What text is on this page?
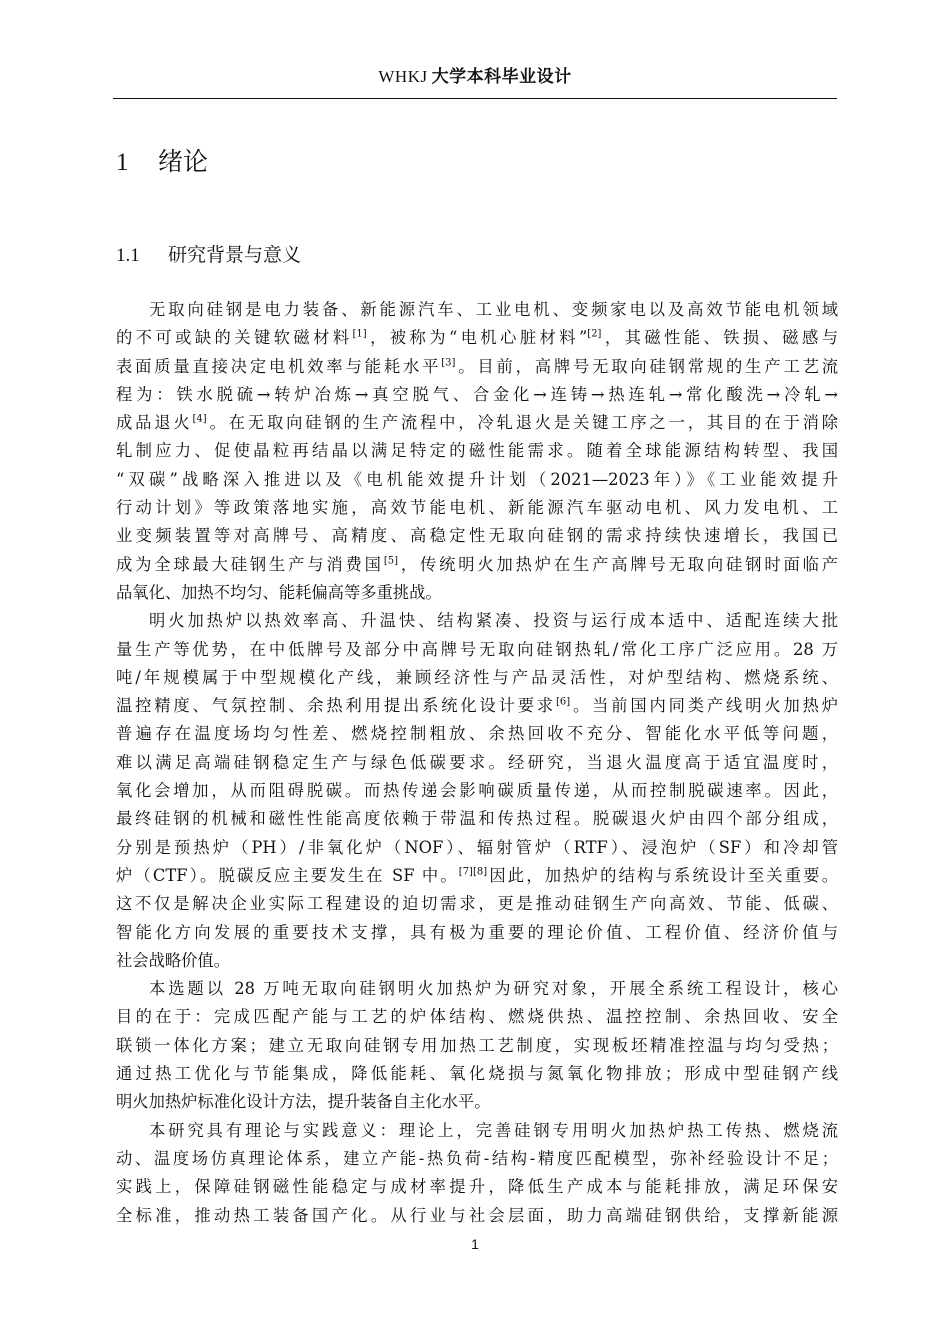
WHKJ 大学本科毕业设计
1 绪论
1.1 研究背景与意义
无取向硅钢是电力装备、新能源汽车、工业电机、变频家电以及高效节能电机领域
的不可或缺的关键软磁材料[1]，被称为“电机心脏材料”[2]，其磁性能、铁损、磁感与
表面质量直接决定电机效率与能耗水平[3]。目前，高牌号无取向硅钢常规的生产工艺流
程为：铁水脱硫→转炉冶炼→真空脱气、合金化→连铸→热连轧→常化酸洗→冷轧→
成品退火[4]。在无取向硅钢的生产流程中，冷轧退火是关键工序之一，其目的在于消除
轧制应力、促使晶粒再结晶以满足特定的磁性能需求。随着全球能源结构转型、我国
“双碳”战略深入推进以及《电机能效提升计划（2021—2023年）》《工业能效提升
行动计划》等政策落地实施，高效节能电机、新能源汽车驱动电机、风力发电机、工
业变频装置等对高牌号、高精度、高稳定性无取向硅钢的需求持续快速增长，我国已
成为全球最大硅钢生产与消费国[5]，传统明火加热炉在生产高牌号无取向硅钢时面临产
品氧化、加热不均匀、能耗偏高等多重挑战。
明火加热炉以热效率高、升温快、结构紧凑、投资与运行成本适中、适配连续大批
量生产等优势，在中低牌号及部分中高牌号无取向硅钢热轧/常化工序广泛应用。28 万
吨/年规模属于中型规模化产线，兼顾经济性与产品灵活性，对炉型结构、燃烧系统、
温控精度、气氛控制、余热利用提出系统化设计要求[6]。当前国内同类产线明火加热炉
普遍存在温度场均匀性差、燃烧控制粗放、余热回收不充分、智能化水平低等问题，
难以满足高端硅钢稳定生产与绿色低碳要求。经研究，当退火温度高于适宜温度时，
氧化会增加，从而阻碍脱碳。而热传递会影响碳质量传递，从而控制脱碳速率。因此，
最终硅钢的机械和磁性性能高度依赖于带温和传热过程。脱碳退火炉由四个部分组成，
分别是预热炉（PH）/非氧化炉（NOF）、辐射管炉（RTF）、浸泡炉（SF）和冷却管
炉（CTF）。脱碳反应主要发生在 SF 中。[7][8]因此，加热炉的结构与系统设计至关重要。
这不仅是解决企业实际工程建设的迫切需求，更是推动硅钢生产向高效、节能、低碳、
智能化方向发展的重要技术支撑，具有极为重要的理论价值、工程价值、经济价值与
社会战略价值。
本选题以 28 万吨无取向硅钢明火加热炉为研究对象，开展全系统工程设计，核心
目的在于：完成匹配产能与工艺的炉体结构、燃烧供热、温控控制、余热回收、安全
联锁一体化方案；建立无取向硅钢专用加热工艺制度，实现板坯精准控温与均匀受热；
通过热工优化与节能集成，降低能耗、氧化烧损与氮氧化物排放；形成中型硅钢产线
明火加热炉标准化设计方法，提升装备自主化水平。
本研究具有理论与实践意义：理论上，完善硅钢专用明火加热炉热工传热、燃烧流
动、温度场仿真理论体系，建立产能-热负荷-结构-精度匹配模型，弥补经验设计不足；
实践上，保障硅钢磁性能稳定与成材率提升，降低生产成本与能耗排放，满足环保安
全标准，推动热工装备国产化。从行业与社会层面，助力高端硅钢供给，支撑新能源
1
